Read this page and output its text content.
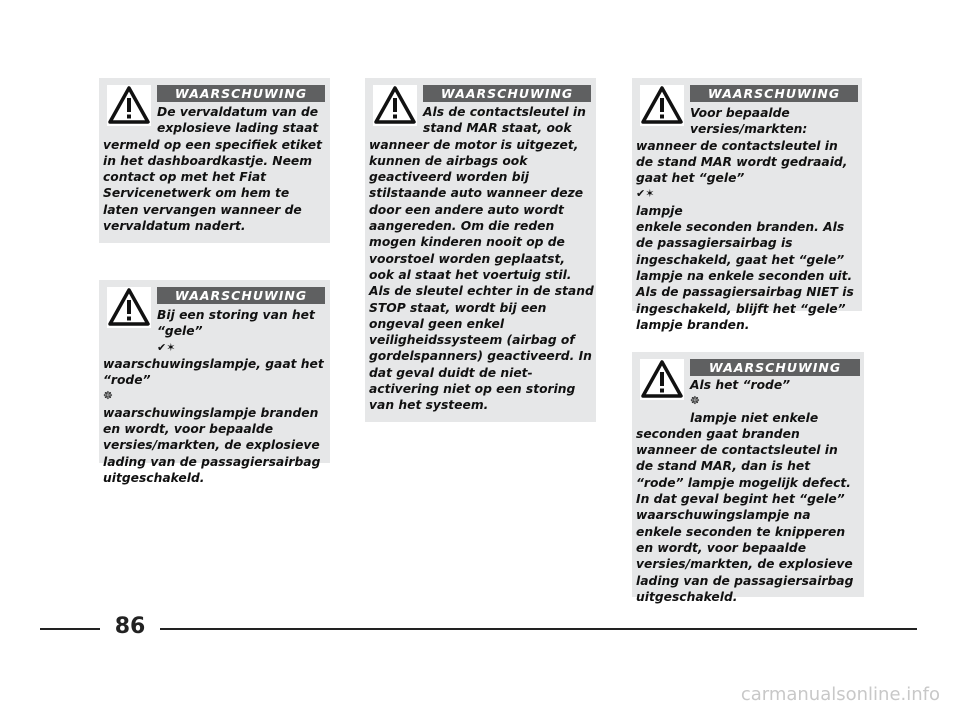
WAARSCHUWING

De vervaldatum van de
explosieve lading staat
vermeld op een specifiek etiket
in het dashboardkastje. Neem
contact op met het Fiat
Servicenetwerk om hem te
laten vervangen wanneer de
vervaldatum nadert.

WAARSCHUWING

Bij een storing van het
“gele”
✔✶
waarschuwingslampje, gaat het
“rode”
☸
waarschuwingslampje branden
en wordt, voor bepaalde
versies/markten, de explosieve
lading van de passagiersairbag
uitgeschakeld.

WAARSCHUWING

Als de contactsleutel in
stand MAR staat, ook
wanneer de motor is uitgezet,
kunnen de airbags ook
geactiveerd worden bij
stilstaande auto wanneer deze
door een andere auto wordt
aangereden. Om die reden
mogen kinderen nooit op de
voorstoel worden geplaatst,
ook al staat het voertuig stil.
Als de sleutel echter in de stand
STOP staat, wordt bij een
ongeval geen enkel
veiligheidssysteem (airbag of
gordelspanners) geactiveerd. In
dat geval duidt de niet-
activering niet op een storing
van het systeem.

WAARSCHUWING

Voor bepaalde
versies/markten:
wanneer de contactsleutel in
de stand MAR wordt gedraaid,
gaat het “gele”
✔✶
lampje
enkele seconden branden. Als
de passagiersairbag is
ingeschakeld, gaat het “gele”
lampje na enkele seconden uit.
Als de passagiersairbag NIET is
ingeschakeld, blijft het “gele”
lampje branden.

WAARSCHUWING

Als het “rode”
☸
lampje niet enkele
seconden gaat branden
wanneer de contactsleutel in
de stand MAR, dan is het
“rode” lampje mogelijk defect.
In dat geval begint het “gele”
waarschuwingslampje na
enkele seconden te knipperen
en wordt, voor bepaalde
versies/markten, de explosieve
lading van de passagiersairbag
uitgeschakeld.

86
carmanualsonline.info
